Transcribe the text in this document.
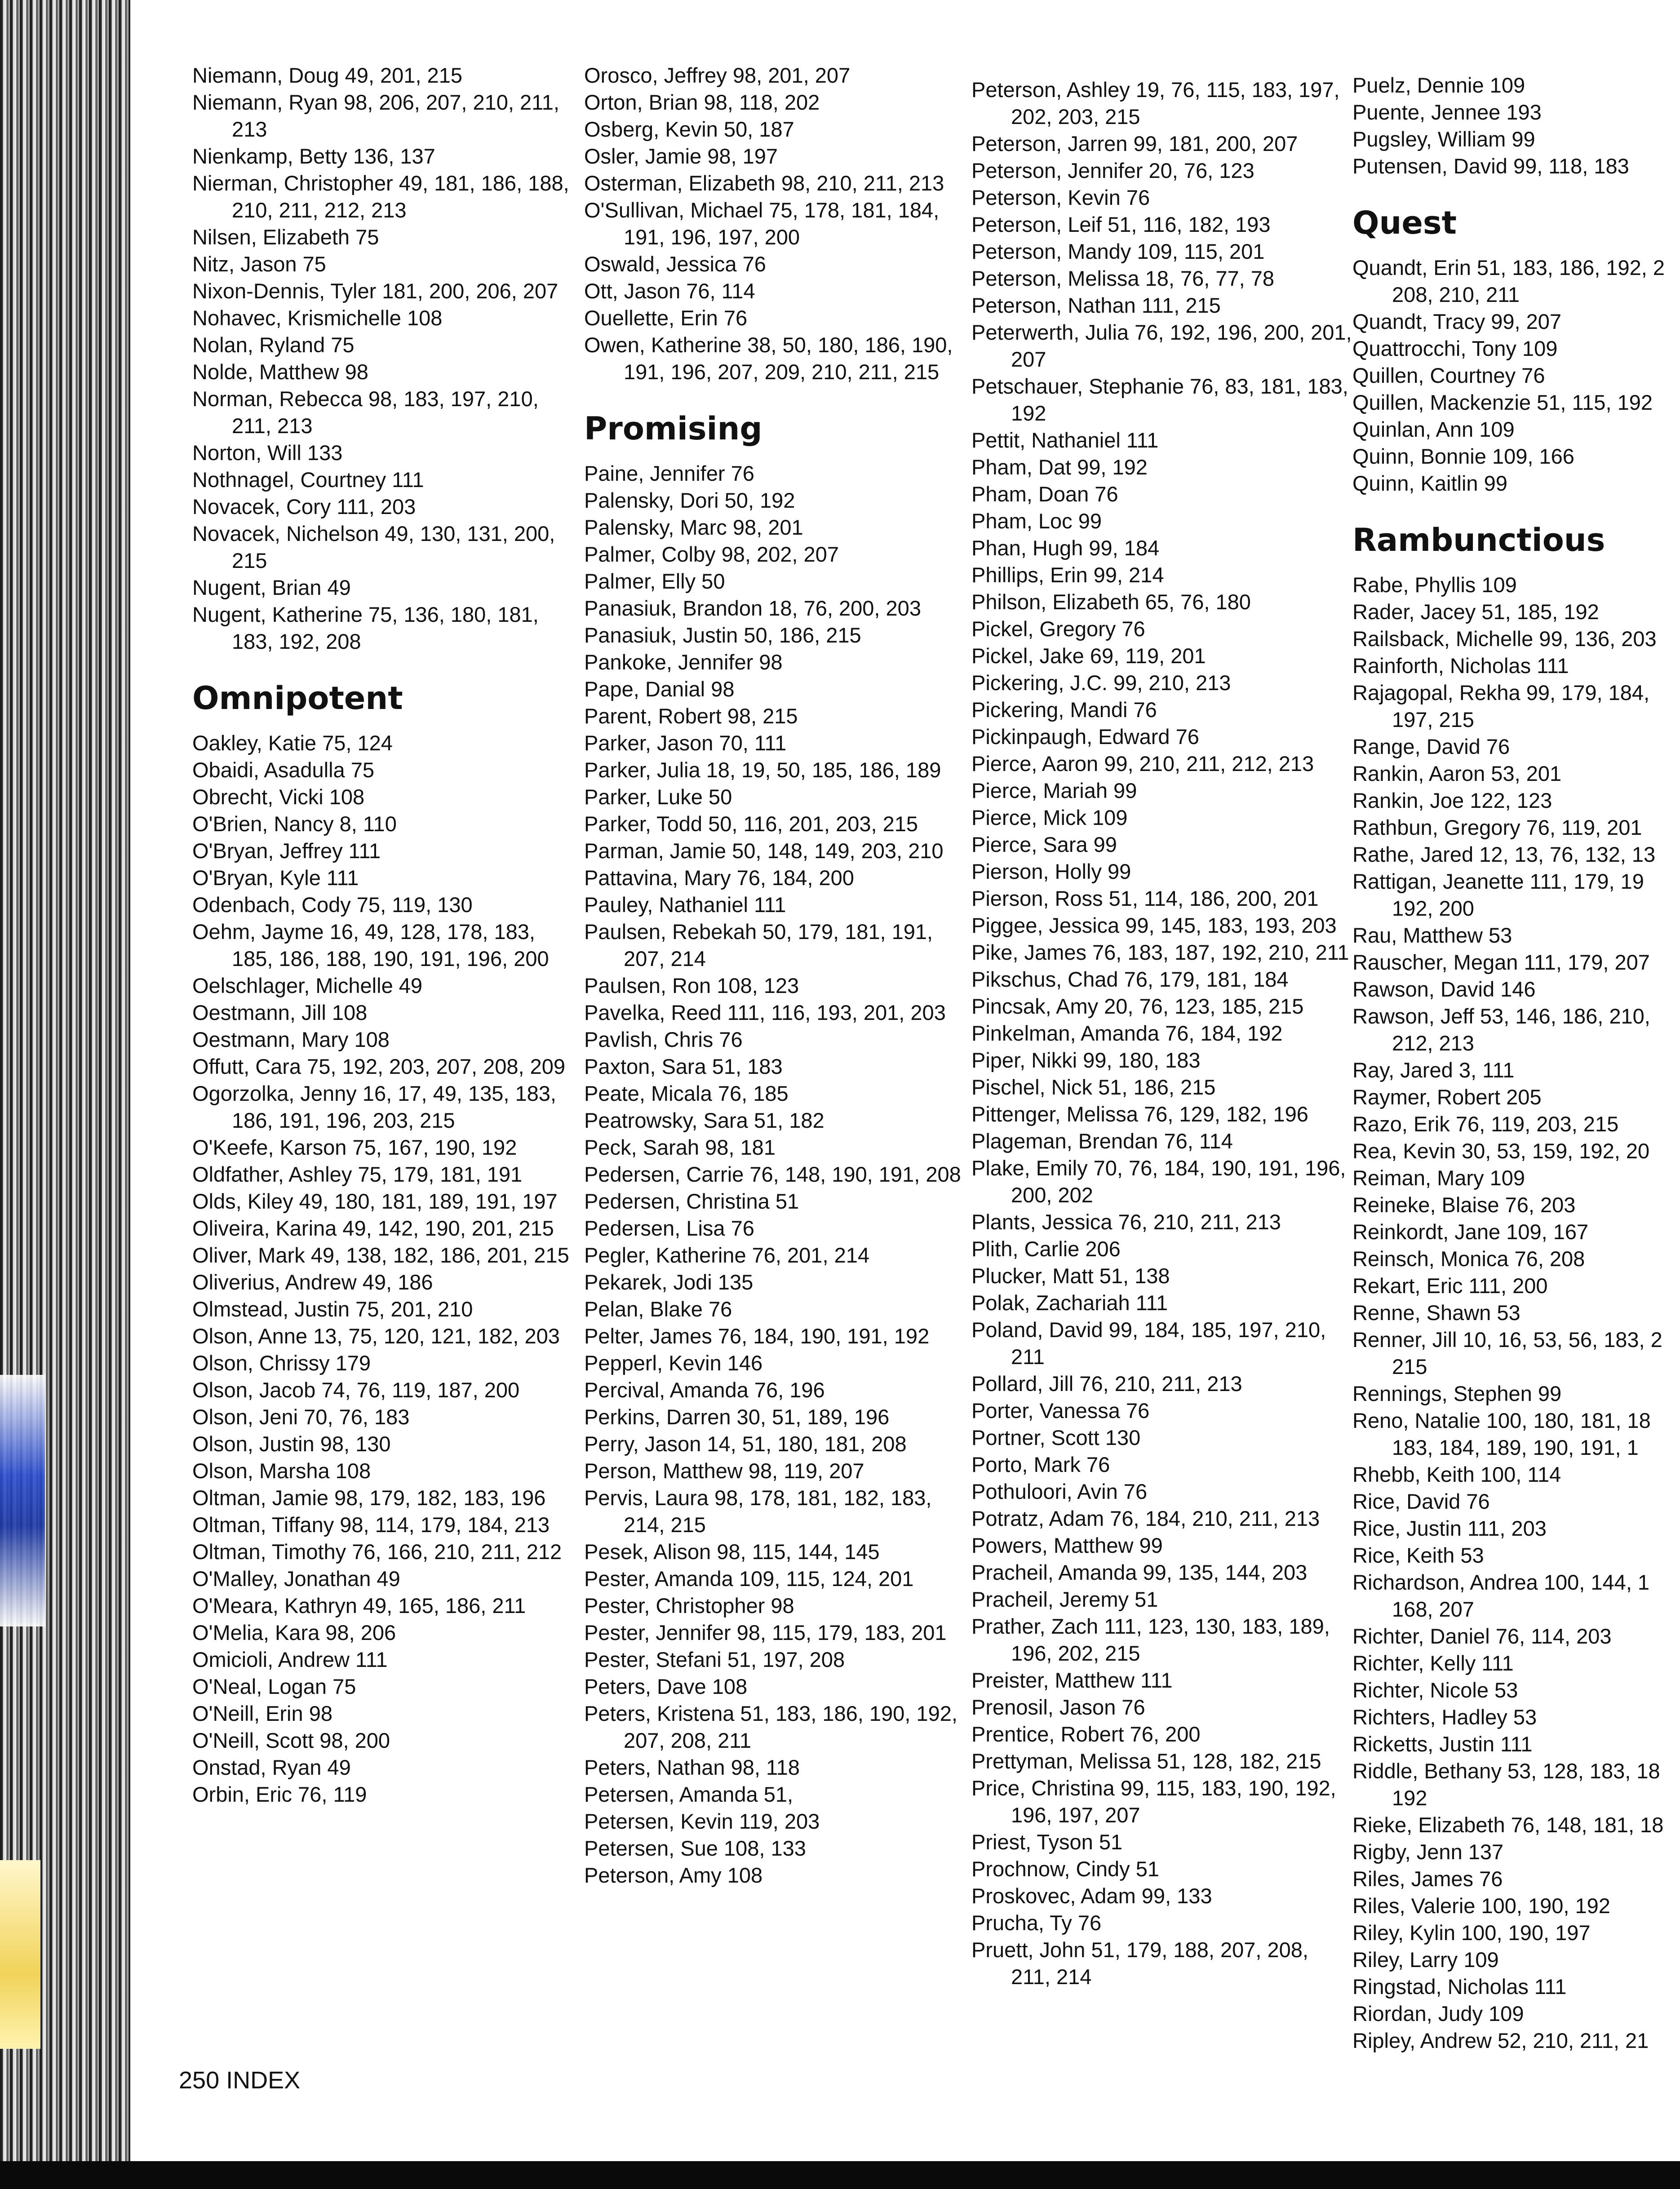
Niemann, Doug 49, 201, 215
Niemann, Ryan 98, 206, 207, 210, 211, 213
Nienkamp, Betty 136, 137
Nierman, Christopher 49, 181, 186, 188, 210, 211, 212, 213
Nilsen, Elizabeth 75
Nitz, Jason 75
Nixon-Dennis, Tyler 181, 200, 206, 207
Nohavec, Krismichelle 108
Nolan, Ryland 75
Nolde, Matthew 98
Norman, Rebecca 98, 183, 197, 210, 211, 213
Norton, Will 133
Nothnagel, Courtney 111
Novacek, Cory 111, 203
Novacek, Nichelson 49, 130, 131, 200, 215
Nugent, Brian 49
Nugent, Katherine 75, 136, 180, 181, 183, 192, 208
Omnipotent
Oakley, Katie 75, 124
Obaidi, Asadulla 75
Obrecht, Vicki 108
O'Brien, Nancy 8, 110
O'Bryan, Jeffrey 111
O'Bryan, Kyle 111
Odenbach, Cody 75, 119, 130
Oehm, Jayme 16, 49, 128, 178, 183, 185, 186, 188, 190, 191, 196, 200
Oelschlager, Michelle 49
Oestmann, Jill 108
Oestmann, Mary 108
Offutt, Cara 75, 192, 203, 207, 208, 209
Ogorzolka, Jenny 16, 17, 49, 135, 183, 186, 191, 196, 203, 215
O'Keefe, Karson 75, 167, 190, 192
Oldfather, Ashley 75, 179, 181, 191
Olds, Kiley 49, 180, 181, 189, 191, 197
Oliveira, Karina 49, 142, 190, 201, 215
Oliver, Mark 49, 138, 182, 186, 201, 215
Oliverius, Andrew 49, 186
Olmstead, Justin 75, 201, 210
Olson, Anne 13, 75, 120, 121, 182, 203
Olson, Chrissy 179
Olson, Jacob 74, 76, 119, 187, 200
Olson, Jeni 70, 76, 183
Olson, Justin 98, 130
Olson, Marsha 108
Oltman, Jamie 98, 179, 182, 183, 196
Oltman, Tiffany 98, 114, 179, 184, 213
Oltman, Timothy 76, 166, 210, 211, 212
O'Malley, Jonathan 49
O'Meara, Kathryn 49, 165, 186, 211
O'Melia, Kara 98, 206
Omicioli, Andrew 111
O'Neal, Logan 75
O'Neill, Erin 98
O'Neill, Scott 98, 200
Onstad, Ryan 49
Orbin, Eric 76, 119
Orosco, Jeffrey 98, 201, 207
Orton, Brian 98, 118, 202
Osberg, Kevin 50, 187
Osler, Jamie 98, 197
Osterman, Elizabeth 98, 210, 211, 213
O'Sullivan, Michael 75, 178, 181, 184, 191, 196, 197, 200
Oswald, Jessica 76
Ott, Jason 76, 114
Ouellette, Erin 76
Owen, Katherine 38, 50, 180, 186, 190, 191, 196, 207, 209, 210, 211, 215
Promising
Paine, Jennifer 76
Palensky, Dori 50, 192
Palensky, Marc 98, 201
Palmer, Colby 98, 202, 207
Palmer, Elly 50
Panasiuk, Brandon 18, 76, 200, 203
Panasiuk, Justin 50, 186, 215
Pankoke, Jennifer 98
Pape, Danial 98
Parent, Robert 98, 215
Parker, Jason 70, 111
Parker, Julia 18, 19, 50, 185, 186, 189
Parker, Luke 50
Parker, Todd 50, 116, 201, 203, 215
Parman, Jamie 50, 148, 149, 203, 210
Pattavina, Mary 76, 184, 200
Pauley, Nathaniel 111
Paulsen, Rebekah 50, 179, 181, 191, 207, 214
Paulsen, Ron 108, 123
Pavelka, Reed 111, 116, 193, 201, 203
Pavlish, Chris 76
Paxton, Sara 51, 183
Peate, Micala 76, 185
Peatrowsky, Sara 51, 182
Peck, Sarah 98, 181
Pedersen, Carrie 76, 148, 190, 191, 208
Pedersen, Christina 51
Pedersen, Lisa 76
Pegler, Katherine 76, 201, 214
Pekarek, Jodi 135
Pelan, Blake 76
Pelter, James 76, 184, 190, 191, 192
Pepperl, Kevin 146
Percival, Amanda 76, 196
Perkins, Darren 30, 51, 189, 196
Perry, Jason 14, 51, 180, 181, 208
Person, Matthew 98, 119, 207
Pervis, Laura 98, 178, 181, 182, 183, 214, 215
Pesek, Alison 98, 115, 144, 145
Pester, Amanda 109, 115, 124, 201
Pester, Christopher 98
Pester, Jennifer 98, 115, 179, 183, 201
Pester, Stefani 51, 197, 208
Peters, Dave 108
Peters, Kristena 51, 183, 186, 190, 192, 207, 208, 211
Peters, Nathan 98, 118
Petersen, Amanda 51,
Petersen, Kevin 119, 203
Petersen, Sue 108, 133
Peterson, Amy 108
Peterson, Ashley 19, 76, 115, 183, 197, 202, 203, 215
Peterson, Jarren 99, 181, 200, 207
Peterson, Jennifer 20, 76, 123
Peterson, Kevin 76
Peterson, Leif 51, 116, 182, 193
Peterson, Mandy 109, 115, 201
Peterson, Melissa 18, 76, 77, 78
Peterson, Nathan 111, 215
Peterwerth, Julia 76, 192, 196, 200, 201, 207
Petschauer, Stephanie 76, 83, 181, 183, 192
Pettit, Nathaniel 111
Pham, Dat 99, 192
Pham, Doan 76
Pham, Loc 99
Phan, Hugh 99, 184
Phillips, Erin 99, 214
Philson, Elizabeth 65, 76, 180
Pickel, Gregory 76
Pickel, Jake 69, 119, 201
Pickering, J.C. 99, 210, 213
Pickering, Mandi 76
Pickinpaugh, Edward 76
Pierce, Aaron 99, 210, 211, 212, 213
Pierce, Mariah 99
Pierce, Mick 109
Pierce, Sara 99
Pierson, Holly 99
Pierson, Ross 51, 114, 186, 200, 201
Piggee, Jessica 99, 145, 183, 193, 203
Pike, James 76, 183, 187, 192, 210, 211
Pikschus, Chad 76, 179, 181, 184
Pincsak, Amy 20, 76, 123, 185, 215
Pinkelman, Amanda 76, 184, 192
Piper, Nikki 99, 180, 183
Pischel, Nick 51, 186, 215
Pittenger, Melissa 76, 129, 182, 196
Plageman, Brendan 76, 114
Plake, Emily 70, 76, 184, 190, 191, 196, 200, 202
Plants, Jessica 76, 210, 211, 213
Plith, Carlie 206
Plucker, Matt 51, 138
Polak, Zachariah 111
Poland, David 99, 184, 185, 197, 210, 211
Pollard, Jill 76, 210, 211, 213
Porter, Vanessa 76
Portner, Scott 130
Porto, Mark 76
Pothuloori, Avin 76
Potratz, Adam 76, 184, 210, 211, 213
Powers, Matthew 99
Pracheil, Amanda 99, 135, 144, 203
Pracheil, Jeremy 51
Prather, Zach 111, 123, 130, 183, 189, 196, 202, 215
Preister, Matthew 111
Prenosil, Jason 76
Prentice, Robert 76, 200
Prettyman, Melissa 51, 128, 182, 215
Price, Christina 99, 115, 183, 190, 192, 196, 197, 207
Priest, Tyson 51
Prochnow, Cindy 51
Proskovec, Adam 99, 133
Prucha, Ty 76
Pruett, John 51, 179, 188, 207, 208, 211, 214
Puelz, Dennie 109
Puente, Jennee 193
Pugsley, William 99
Putensen, David 99, 118, 183
Quest
Quandt, Erin 51, 183, 186, 192, 2 208, 210, 211
Quandt, Tracy 99, 207
Quattrocchi, Tony 109
Quillen, Courtney 76
Quillen, Mackenzie 51, 115, 192
Quinlan, Ann 109
Quinn, Bonnie 109, 166
Quinn, Kaitlin 99
Rambunctious
Rabe, Phyllis 109
Rader, Jacey 51, 185, 192
Railsback, Michelle 99, 136, 203
Rainforth, Nicholas 111
Rajagopal, Rekha 99, 179, 184, 197, 215
Range, David 76
Rankin, Aaron 53, 201
Rankin, Joe 122, 123
Rathbun, Gregory 76, 119, 201
Rathe, Jared 12, 13, 76, 132, 13
Rattigan, Jeanette 111, 179, 19 192, 200
Rau, Matthew 53
Rauscher, Megan 111, 179, 207
Rawson, David 146
Rawson, Jeff 53, 146, 186, 210, 212, 213
Ray, Jared 3, 111
Raymer, Robert 205
Razo, Erik 76, 119, 203, 215
Rea, Kevin 30, 53, 159, 192, 20
Reiman, Mary 109
Reineke, Blaise 76, 203
Reinkordt, Jane 109, 167
Reinsch, Monica 76, 208
Rekart, Eric 111, 200
Renne, Shawn 53
Renner, Jill 10, 16, 53, 56, 183, 2 215
Rennings, Stephen 99
Reno, Natalie 100, 180, 181, 18 183, 184, 189, 190, 191, 1
Rhebb, Keith 100, 114
Rice, David 76
Rice, Justin 111, 203
Rice, Keith 53
Richardson, Andrea 100, 144, 1 168, 207
Richter, Daniel 76, 114, 203
Richter, Kelly 111
Richter, Nicole 53
Richters, Hadley 53
Ricketts, Justin 111
Riddle, Bethany 53, 128, 183, 18 192
Rieke, Elizabeth 76, 148, 181, 18
Rigby, Jenn 137
Riles, James 76
Riles, Valerie 100, 190, 192
Riley, Kylin 100, 190, 197
Riley, Larry 109
Ringstad, Nicholas 111
Riordan, Judy 109
Ripley, Andrew 52, 210, 211, 21
250 INDEX
